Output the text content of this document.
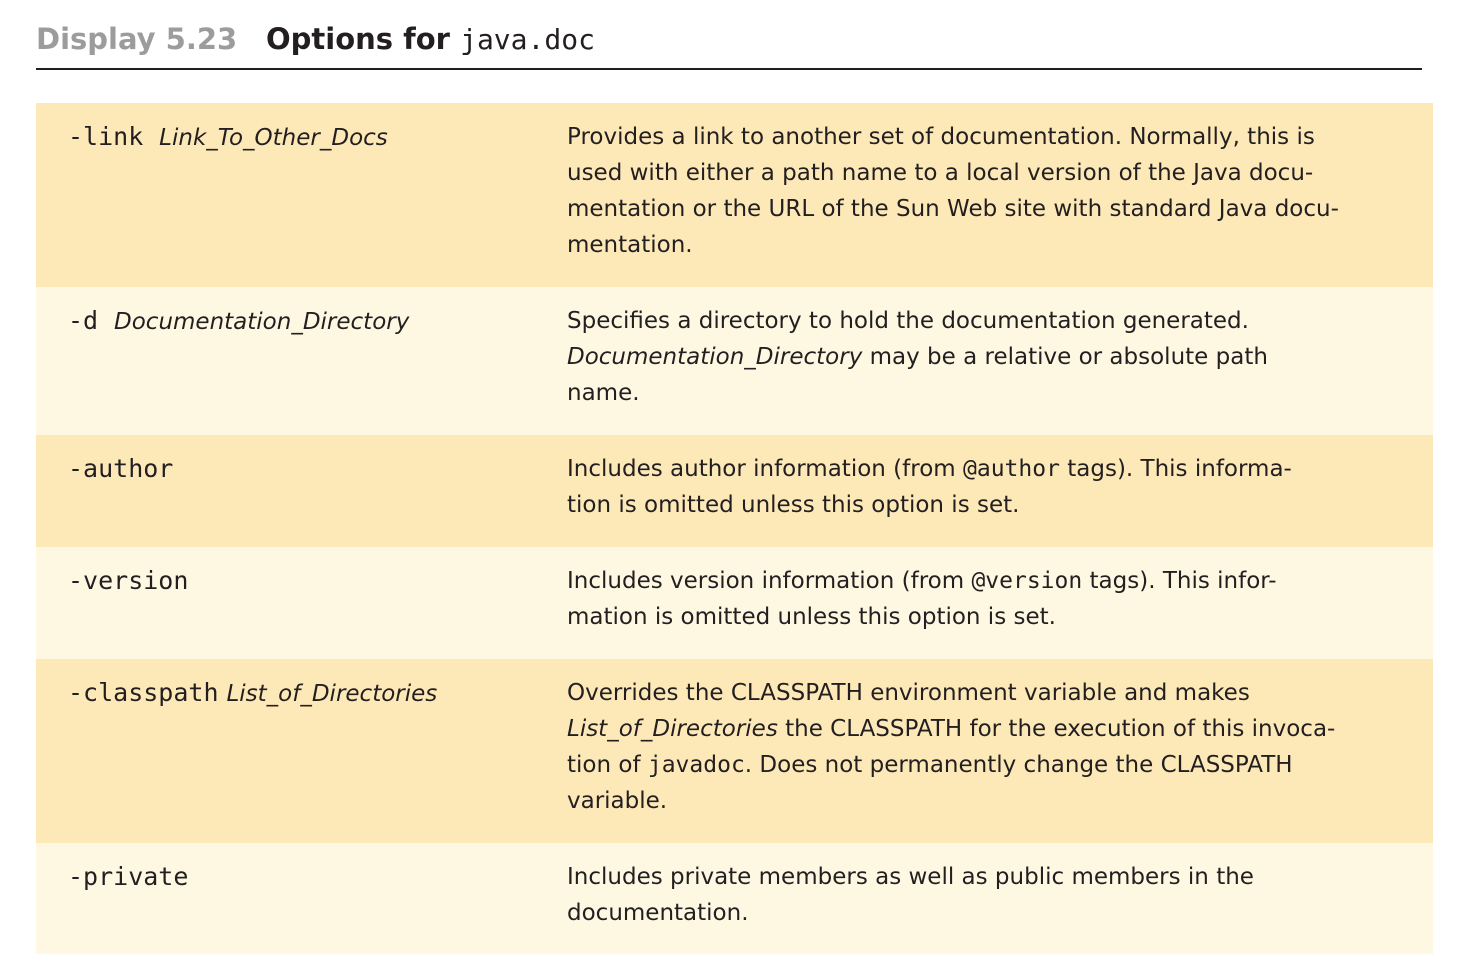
Display 5.23 Options for java.doc
-link Link_To_Other_Docs	Provides a link to another set of documentation. Normally, this is
used with either a path name to a local version of the Java docu-
mentation or the URL of the Sun Web site with standard Java docu-
mentation.
-d Documentation_Directory	Specifies a directory to hold the documentation generated.
Documentation_Directory may be a relative or absolute path
name.
-author	Includes author information (from @author tags). This informa-
tion is omitted unless this option is set.
-version	Includes version information (from @version tags). This infor-
mation is omitted unless this option is set.
-classpath List_of_Directories	Overrides the CLASSPATH environment variable and makes
List_of_Directories the CLASSPATH for the execution of this invoca-
tion of javadoc. Does not permanently change the CLASSPATH
variable.
-private	Includes private members as well as public members in the
documentation.
